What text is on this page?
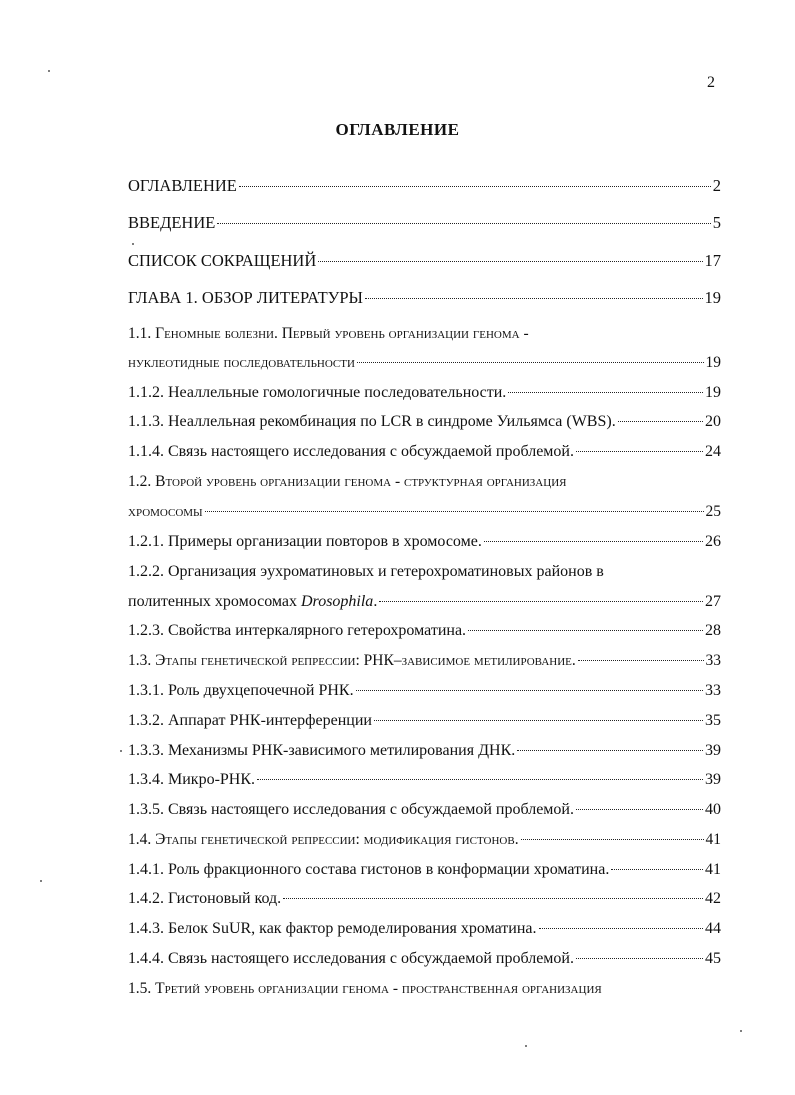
2
ОГЛАВЛЕНИЕ
ОГЛАВЛЕНИЕ	2
ВВЕДЕНИЕ	5
СПИСОК СОКРАЩЕНИЙ	17
ГЛАВА 1. ОБЗОР ЛИТЕРАТУРЫ	19
1.1. Геномные болезни. Первый уровень организации генома -
нуклеотидные последовательности	19
1.1.2. Неаллельные гомологичные последовательности.	19
1.1.3. Неаллельная рекомбинация по LCR в синдроме Уильямса (WBS).	20
1.1.4. Связь настоящего исследования с обсуждаемой проблемой.	24
1.2. Второй уровень организации генома - структурная организация
хромосомы	25
1.2.1. Примеры организации повторов в хромосоме.	26
1.2.2. Организация эухроматиновых и гетерохроматиновых районов в
политенных хромосомах Drosophila.	27
1.2.3. Свойства интеркалярного гетерохроматина.	28
1.3. Этапы генетической репрессии: РНК–зависимое метилирование.	33
1.3.1. Роль двухцепочечной РНК.	33
1.3.2. Аппарат РНК-интерференции	35
1.3.3. Механизмы РНК-зависимого метилирования ДНК.	39
1.3.4. Микро-РНК.	39
1.3.5. Связь настоящего исследования с обсуждаемой проблемой.	40
1.4. Этапы генетической репрессии: модификация гистонов.	41
1.4.1. Роль фракционного состава гистонов в конформации хроматина.	41
1.4.2. Гистоновый код.	42
1.4.3. Белок SuUR, как фактор ремоделирования хроматина.	44
1.4.4. Связь настоящего исследования с обсуждаемой проблемой.	45
1.5. Третий уровень организации генома - пространственная организация
